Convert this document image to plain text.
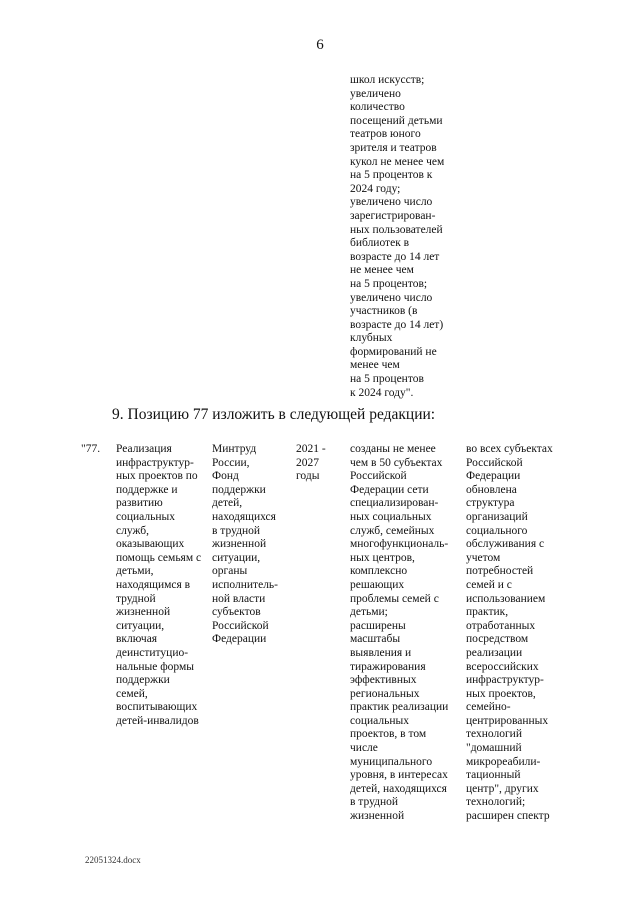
6

школ искусств;
увеличено
количество
посещений детьми
театров юного
зрителя и театров
кукол не менее чем
на 5 процентов к
2024 году;
увеличено число
зарегистрирован-
ных пользователей
библиотек в
возрасте до 14 лет
не менее чем
на 5 процентов;
увеличено число
участников (в
возрасте до 14 лет)
клубных
формирований не
менее чем
на 5 процентов
к 2024 году".

9. Позицию 77 изложить в следующей редакции:

"77.	Реализация
инфраструктур-
ных проектов по
поддержке и
развитию
социальных
служб,
оказывающих
помощь семьям с
детьми,
находящимся в
трудной
жизненной
ситуации,
включая
деинституцио-
нальные формы
поддержки
семей,
воспитывающих
детей-инвалидов

Минтруд
России,
Фонд
поддержки
детей,
находящихся
в трудной
жизненной
ситуации,
органы
исполнитель-
ной власти
субъектов
Российской
Федерации

2021 -
2027
годы

созданы не менее
чем в 50 субъектах
Российской
Федерации сети
специализирован-
ных социальных
служб, семейных
многофункциональ-
ных центров,
комплексно
решающих
проблемы семей с
детьми;
расширены
масштабы
выявления и
тиражирования
эффективных
региональных
практик реализации
социальных
проектов, в том
числе
муниципального
уровня, в интересах
детей, находящихся
в трудной
жизненной

во всех субъектах
Российской
Федерации
обновлена
структура
организаций
социального
обслуживания с
учетом
потребностей
семей и с
использованием
практик,
отработанных
посредством
реализации
всероссийских
инфраструктур-
ных проектов,
семейно-
центрированных
технологий
"домашний
микрореабили-
тационный
центр", других
технологий;
расширен спектр

22051324.docx
